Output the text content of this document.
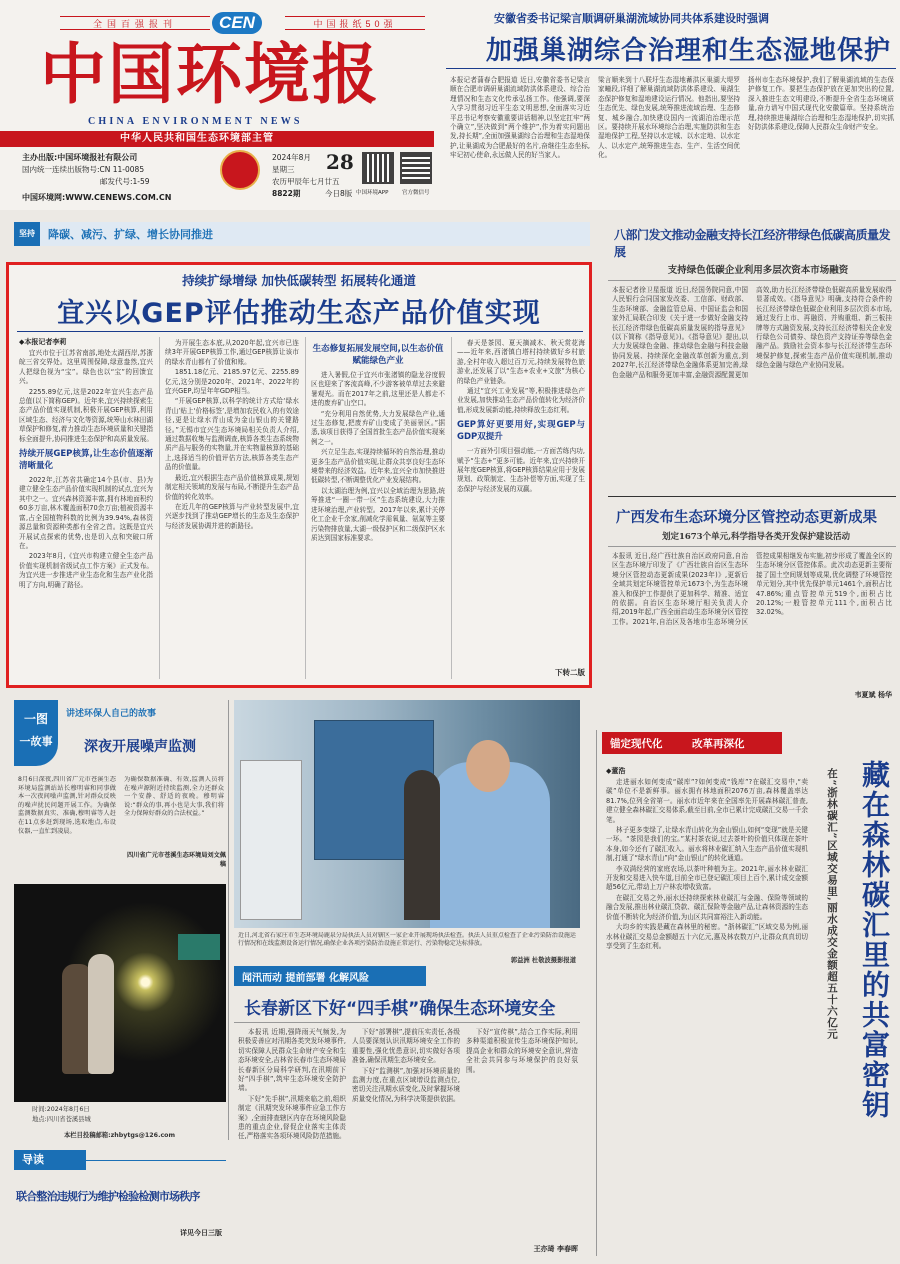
全国百强报刊	中国报纸50强
CEN
中国环境报
CHINA ENVIRONMENT NEWS
中华人民共和国生态环境部主管
主办出版:中国环境报社有限公司
国内统一连续出版物号:CN 11-0085
邮发代号:1-59
中国环境网:WWW.CENEWS.COM.CN
2024年8月
星期三	28
农历甲辰年七月廿五
8822期	今日8版 中国环境APP	官方微信号
安徽省委书记梁言顺调研巢湖流域协同共体系建设时强调
加强巢湖综合治理和生态湿地保护
本报记者蒲春合肥报道 近日,安徽省委书记梁言顺在合肥市调研巢湖流域防洪体系建设、综合治理情况和生态文化传承弘扬工作。他强调,要深入学习贯彻习近平生态文明思想,全面落实习近平总书记考察安徽重要讲话精神,以坚定扛牢“两个确立”,坚决做到“两个维护”,作为着实问题出发,持长期”,全面加强巢湖综合治理和生态湿地保护,让巢湖成为合肥最好的名片,奋继往生态坐标,牢记初心使命,永远做人民的好当家人。
梁言顺来到十八联圩生态湿地蓄洪区巢湖大堤罗家疃段,详细了解巢湖流域防洪体系建设、巢湖生态保护修复和湿地建设运行情况。他指出,要坚持生态优先、绿色发展,统筹推进流域治理、生态修复、城乡融合,加快建设国内一流湖泊治理示范区。要持续开展水环境综合治理,实施防洪和生态湿地保护工程,坚持以水定城、以水定地、以水定人、以水定产,统筹推进生态、生产、生活空间优化。
扬州市生态环境保护,我们了解巢湖流域的生态保护修复工作。要把生态保护放在更加突出的位置,深入推进生态文明建设,不断提升全省生态环境质量,奋力谱写中国式现代化安徽篇章。坚持系统治理,持续推进巢湖综合治理和生态湿地保护,切实抓好防洪体系建设,保障人民群众生命财产安全。
坚持	降碳、减污、扩绿、增长协同推进
持续扩绿增绿 加快低碳转型 拓展转化通道
宜兴以GEP评估推动生态产品价值实现
◆本报记者李莉

宜兴市位于江苏省南部,地处太湖西岸,苏浙皖三省交界处。这里周围保障,绿意盎然,宜兴人把绿色视为“宝”。绿色也以“宝”的回馈宜兴。

2255.89亿元,这是2022年宜兴生态产品总值(以下简称GEP)。近年来,宜兴持续探索生态产品价值实现机制,积极开展GEP核算,利用区域生态、经济与文化等资源,统筹山水林田湖草保护和修复,着力推动生态环境质量和关键指标全面提升,协同推进生态保护和高质量发展。

持续开展GEP核算,让生态价值逐渐清晰量化

2022年,江苏省共确定14个县(市、县)为建立健全生态产品价值实现机制的试点,宜兴为其中之一。宜兴森林资源丰富,拥有林地面积约60多万亩,林木覆盖面积70余万亩;植被资源丰富,占全国植物科数的比例为39.94%,森林资源总量和资源种类都有全省之首。这既是宜兴开展试点探索的优势,也是切入点和突破口所在。

2023年8月,《宜兴市构建立健全生态产品价值实现机制省级试点工作方案》正式发布。为宜兴进一步推进产业生态化和生态产业化指明了方向,明确了路径。

为开展生态本底,从2020年起,宜兴市已连续3年开展GEP核算工作,通过GEP核算让该市的绿水青山都有了价值和账。

1851.18亿元、2185.97亿元、2255.89亿元,这分别是2020年、2021年、2022年的宜兴GEP,均呈年年GDP相当。

“开展GEP核算,以科学的统计方式给‘绿水青山’贴上‘价格标签’,是增加农民收入的有效途径,更是让绿水青山成为金山银山的关键路径。”无锡市宜兴生态环境局相关负责人介绍,通过数据收集与监测调查,核算各类生态系统物质产品与服务的实物量,并在实物量核算的基础上,选择适当的价值评估方法,核算各类生态产品的价值量。

最近,宜兴根据生态产品价值核算成果,规划制定相关领域的发展与布局,不断提升生态产品价值的转化效率。

在近几年的GEP核算与产业转型发展中,宜兴逐步找到了推动GEP增长的生态及生态保护与经济发展协调并进的新路径。

生态修复拓展发展空间,以生态价值赋能绿色产业

进入暑假,位于宜兴市张渚镇的隐龙谷度假区也迎来了客流高峰,不少游客被单草过去来避暑观光。而在2017年之前,这里还是人都走不进的废弃矿山空口。

“充分利用自然优势,大力发展绿色产业,通过生态修复,把废弃矿山变成了美丽景区。”据悉,该项目获得了全国首批生态产品价值实现案例之一。

兴立足生态,实现持续循环的自然治理,推动更多生态产品价值实现,让群众共享良好生态环境带来的经济效益。近年来,宜兴全市加快推进低碳转型,不断调整优化产业发展结构。

以太湖治理为例,宜兴以全域治理为思路,统筹推进“一圈一带一区”生态系统建设,大力推进环境治理,产业转型。2017年以来,累计关停化工企业千余家,削减化学需氧量、氨氮等主要污染物排放量,太湖一级保护区和二级保护区水质达到国家标准要求。

春天是茶园、夏天摘减木、秋天赏花海——近年来,西渚镇白塔村持续做好乡村旅游,全村年收入超过百万元,持续发展特色旅游业,还发展了以“生态+农业+文旅”为核心的绿色产业链条。

通过“宜兴工业发展”等,积极推进绿色产业发展,加快推动生态产品价值转化为经济价值,形成发展新动能,持续释放生态红利。

GEP算好更要用好,实现GEP与GDP双提升

一方面外引项目强动能,一方面苦练内功,赋予“生态+”更多可能。近年来,宜兴持续开展年度GEP核算,将GEP核算结果应用于发展规划、政策制定、生态补偿等方面,实现了生态保护与经济发展的双赢。

下转二版
八部门发文推动金融支持长江经济带绿色低碳高质量发展
支持绿色低碳企业利用多层次资本市场融资
本报记者徐卫星报道 近日,经国务院同意,中国人民银行会同国家发改委、工信部、财政部、生态环境部、金融监管总局、中国证监会和国家外汇局联合印发《关于进一步做好金融支持长江经济带绿色低碳高质量发展的指导意见》(以下简称《指导意见》)。《指导意见》提出,以大力发展绿色金融、推动绿色金融与科技金融协同发展、持续深化金融改革创新为重点,到2027年,长江经济带绿色金融体系更加完善,绿色金融产品和服务更加丰富,金融资源配置更加高效,助力长江经济带绿色低碳高质量发展取得显著成效。《指导意见》明确,支持符合条件的长江经济带绿色低碳企业利用多层次资本市场,通过发行上市、再融资、并购重组、新三板挂牌等方式融资发展,支持长江经济带相关企业发行绿色公司债券、绿色资产支持证券等绿色金融产品。鼓励社会资本参与长江经济带生态环境保护修复,探索生态产品价值实现机制,推动绿色金融与绿色产业协同发展。
广西发布生态环境分区管控动态更新成果
划定1673个单元,科学指导各类开发保护建设活动
本报讯 近日,经广西壮族自治区政府同意,自治区生态环境厅印发了《广西壮族自治区生态环境分区管控动态更新成果(2023年)》,更新后全域共划定环境管控单元1673个,为生态环境准入和保护工作提供了更加科学、精准、适宜的依据。自治区生态环境厅相关负责人介绍,2019年起,广西全面启动生态环境分区管控工作。2021年,自治区及各地市生态环境分区管控成果相继发布实施,初步形成了覆盖全区的生态环境分区管控体系。此次动态更新主要衔接了国土空间规划等成果,优化调整了环境管控单元划分,其中优先保护单元1461个,面积占比47.86%;重点管控单元519个,面积占比20.12%;一般管控单元111个,面积占比32.02%。
韦夏斌 杨华
一图
一故事
讲述环保人自己的故事
深夜开展噪声监测
8月6日深夜,四川省广元市苍溪生态环境局监测站站长穆明睿和同事做本一次夜间噪声监测,针对群众反映的噪声扰民问题开展工作。为确保监测数据真实、准确,穆明睿等人赶在11点多赶到现场,选取地点,布设仪器,一直忙到凌晨。
为确保数据准确、有效,监测人员将在噪声源附近持续监测,全力还群众一个安静、舒适的夜晚。穆明睿说:“群众的事,再小也是大事,我们将全力保障好群众的合法权益。”
四川省广元市苍溪生态环境局刘文佩稿
时间:2024年8月6日
地点:四川省苍溪县城
本栏目投稿邮箱:zhbytgs@126.com
近日,河北省石家庄市生态环境局鹿泉分局执法人员对辖区一家企业开展现场执法检查。执法人员重点检查了企业污染防治设施运行情况和在线监测设备运行情况,确保企业各项污染防治设施正常运行、污染物稳定达标排放。
郭益洲 杜敬波摄影报道
闻汛而动 提前部署 化解风险
长春新区下好“四手棋”确保生态环境安全

本报讯 近期,强降雨天气频发,为积极妥善应对汛期各类突发环境事件,切实保障人民群众生命财产安全和生态环境安全,吉林省长春市生态环境局长春新区分局科学研判,在汛期前下好“四手棋”,筑牢生态环境安全防护墙。

下好“先手棋”,汛期来临之前,组织制定《汛期突发环境事件应急工作方案》,全面排查辖区内存在环境风险隐患的重点企业,督促企业落实主体责任,严格落实各项环境风险防范措施。

下好“部署棋”,提前压实责任,各级人员要深刻认识汛期环境安全工作的重要性,强化忧患意识,切实做好各项准备,确保汛期生态环境安全。

下好“监测棋”,加强对环境质量的监测力度,在重点区域增设监测点位,密切关注汛期水质变化,及时掌握环境质量变化情况,为科学决策提供依据。

下好“宣传棋”,结合工作实际,利用多种渠道积极宣传生态环境保护知识,提高企业和群众的环境安全意识,营造全社会共同参与环境保护的良好氛围。

王亦琦 李春晖
导读
联合整治违规行为维护检验检测市场秩序
详见今日三版
锚定现代化	改革再深化
◆董浩

走进丽水如何变成“碳库”?如何变成“钱库”?在碳汇交易中,“卖碳”单位不是新鲜事。丽水拥有林地面积2076万亩,森林覆盖率达81.7%,位列全省第一。丽水市近年来在全国率先开展森林碳汇普查,建立健全森林碳汇交易体系,截至目前,全市已累计完成碳汇交易一千余笔。

林子更多变绿了,让绿水青山转化为金山银山,如何“变现”就是关键一环。“茶园是我们的宝。”某村茶农说,过去茶叶的价值只体现在茶叶本身,如今还有了碳汇收入。丽水将林业碳汇纳入生态产品价值实现机制,打通了“绿水青山”向“金山银山”的转化通道。

李双满经营的家庭农场,以茶叶种植为主。2021年,丽水林业碳汇开发和交易进入快车道,目前全市已登记碳汇项目上百个,累计成交金额超56亿元,带动上万户林农增收致富。

在碳汇交易之外,丽水还持续探索林业碳汇与金融、保险等领域的融合发展,推出林业碳汇贷款、碳汇保险等金融产品,让森林资源的生态价值不断转化为经济价值,为山区共同富裕注入新动能。

大均乡的实践是藏在森林里的秘密。“浙林碳汇”区域交易为例,丽水林业碳汇交易总金额超五十六亿元,惠及林农数万户,让群众真真切切享受到了生态红利。	藏在森林碳汇里的共富密钥
在“浙林碳汇”区域交易里,丽水成交金额超五十六亿元
